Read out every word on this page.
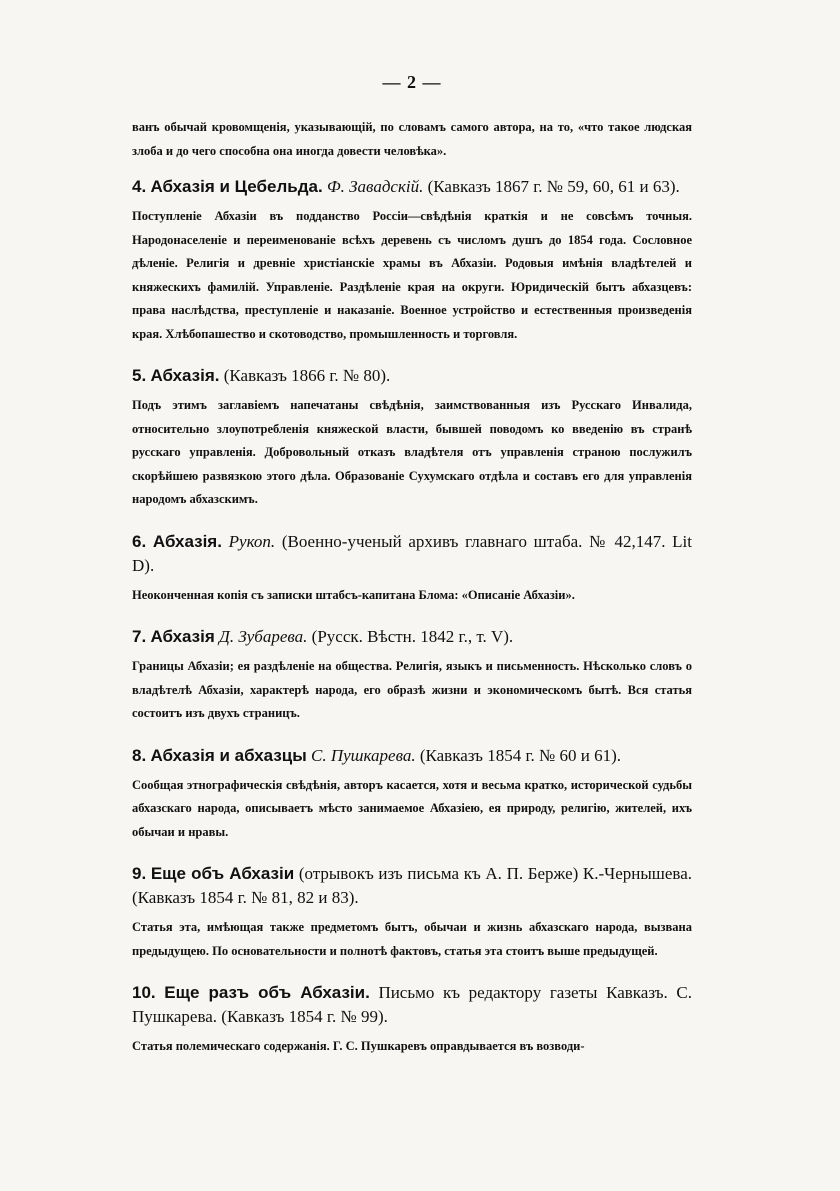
— 2 —

ванъ обычай кровомщенія, указывающій, по словамъ самого автора, на то, «что такое людская злоба и до чего способна она иногда довести человѣка».

4. Абхазія и Цебельда. Ф. Завадскій. (Кавказъ 1867 г. № 59, 60, 61 и 63).

Поступленіе Абхазіи въ подданство Россіи—свѣдѣнія краткія и не совсѣмъ точныя. Народонаселеніе и переименованіе всѣхъ деревень съ числомъ душъ до 1854 года. Сословное дѣленіе. Религія и древніе христіанскіе храмы въ Абхазіи. Родовыя имѣнія владѣтелей и княжескихъ фамилій. Управленіе. Раздѣленіе края на округи. Юридическій бытъ абхазцевъ: права наслѣдства, преступленіе и наказаніе. Военное устройство и естественныя произведенія края. Хлѣбопашество и скотоводство, промышленность и торговля.

5. Абхазія. (Кавказъ 1866 г. № 80).

Подъ этимъ заглавіемъ напечатаны свѣдѣнія, заимствованныя изъ Русскаго Инвалида, относительно злоупотребленія княжеской власти, бывшей поводомъ ко введенію въ странѣ русскаго управленія. Добровольный отказъ владѣтеля отъ управленія страною послужилъ скорѣйшею развязкою этого дѣла. Образованіе Сухумскаго отдѣла и составъ его для управленія народомъ абхазскимъ.

6. Абхазія. Рукоп. (Военно-ученый архивъ главнаго штаба. № 42,147. Lit D).

Неоконченная копія съ записки штабсъ-капитана Блома: «Описаніе Абхазіи».

7. Абхазія Д. Зубарева. (Русск. Вѣстн. 1842 г., т. V).

Границы Абхазіи; ея раздѣленіе на общества. Религія, языкъ и письменность. Нѣсколько словъ о владѣтелѣ Абхазіи, характерѣ народа, его образѣ жизни и экономическомъ бытѣ. Вся статья состоитъ изъ двухъ страницъ.

8. Абхазія и абхазцы С. Пушкарева. (Кавказъ 1854 г. № 60 и 61).

Сообщая этнографическія свѣдѣнія, авторъ касается, хотя и весьма кратко, исторической судьбы абхазскаго народа, описываетъ мѣсто занимаемое Абхазіею, ея природу, религію, жителей, ихъ обычаи и нравы.

9. Еще объ Абхазіи (отрывокъ изъ письма къ А. П. Берже) К.-Чернышева. (Кавказъ 1854 г. № 81, 82 и 83).

Статья эта, имѣющая также предметомъ бытъ, обычаи и жизнь абхазскаго народа, вызвана предыдущею. По основательности и полнотѣ фактовъ, статья эта стоитъ выше предыдущей.

10. Еще разъ объ Абхазіи. Письмо къ редактору газеты Кавказъ. С. Пушкарева. (Кавказъ 1854 г. № 99).

Статья полемическаго содержанія. Г. С. Пушкаревъ оправдывается въ возводи-
